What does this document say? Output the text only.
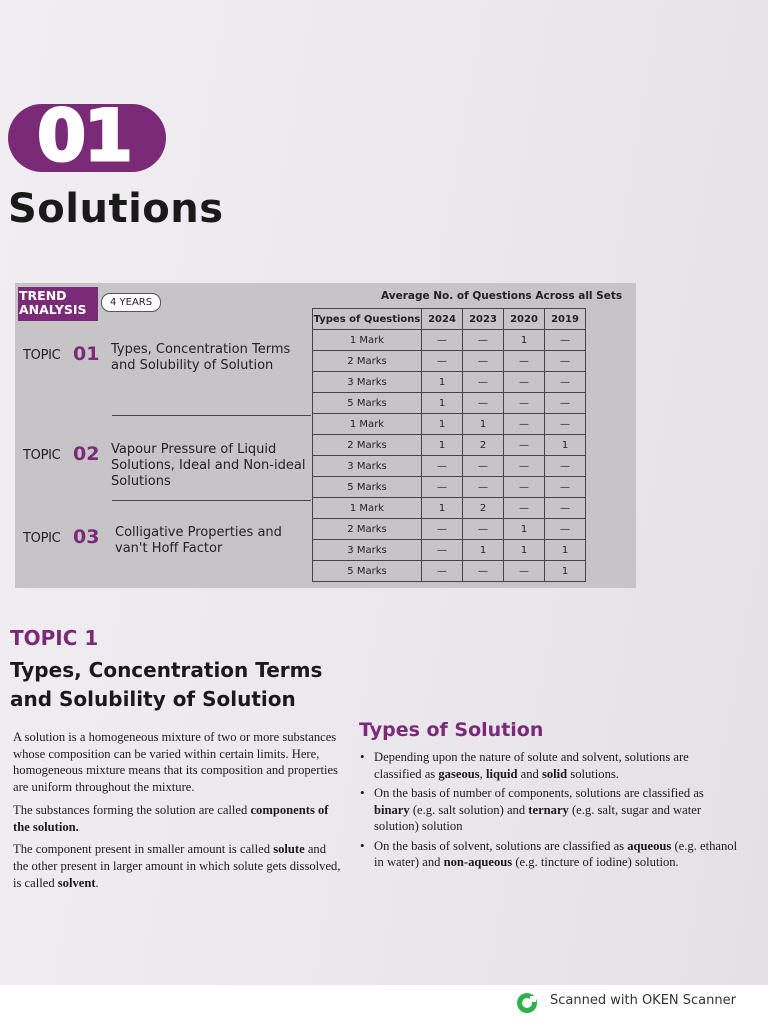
01
Solutions
TREND
ANALYSIS	4 YEARS
Average No. of Questions Across all Sets
Types of Questions	2024	2023	2020	2019
1 Mark	—	—	1	—
2 Marks	—	—	—	—
3 Marks	1	—	—	—
5 Marks	1	—	—	—
1 Mark	1	1	—	—
2 Marks	1	2	—	1
3 Marks	—	—	—	—
5 Marks	—	—	—	—
1 Mark	1	2	—	—
2 Marks	—	—	1	—
3 Marks	—	1	1	1
5 Marks	—	—	—	1
TOPIC 01 Types, Concentration Terms and Solubility of Solution
TOPIC 02 Vapour Pressure of Liquid Solutions, Ideal and Non-ideal Solutions
TOPIC 03 Colligative Properties and van't Hoff Factor
TOPIC 1
Types, Concentration Terms and Solubility of Solution

A solution is a homogeneous mixture of two or more substances whose composition can be varied within certain limits. Here, homogeneous mixture means that its composition and properties are uniform throughout the mixture.

The substances forming the solution are called components of the solution.

The component present in smaller amount is called solute and the other present in larger amount in which solute gets dissolved, is called solvent.

Types of Solution
• Depending upon the nature of solute and solvent, solutions are classified as gaseous, liquid and solid solutions.
• On the basis of number of components, solutions are classified as binary (e.g. salt solution) and ternary (e.g. salt, sugar and water solution) solution
• On the basis of solvent, solutions are classified as aqueous (e.g. ethanol in water) and non-aqueous (e.g. tincture of iodine) solution.
Scanned with OKEN Scanner
